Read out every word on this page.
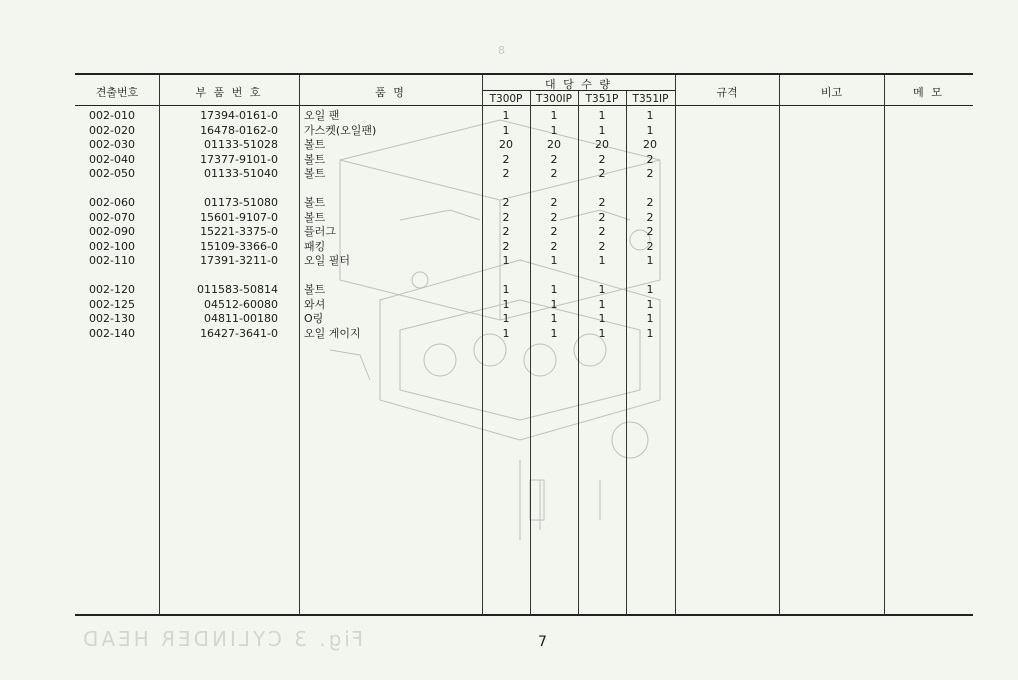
8
Fig. 3 CYLINDER HEAD
견출번호	부 품 번 호	품 명
대 당 수 량
T300P	T300IP	T351P	T351IP	규격	비고	메 모
002-010	17394-0161-0 오일 팬	1	1	1	1
002-020	16478-0162-0 가스켓(오일팬)	1	1	1	1
002-030	01133-51028 볼트	20	20	20	20
002-040	17377-9101-0 볼트	2	2	2	2
002-050	01133-51040 볼트	2	2	2	2
002-060	01173-51080 볼트	2	2	2	2
002-070	15601-9107-0 볼트	2	2	2	2
002-090	15221-3375-0 플러그	2	2	2	2
002-100	15109-3366-0 패킹	2	2	2	2
002-110	17391-3211-0 오일 필터	1	1	1	1
002-120	011583-50814 볼트	1	1	1	1
002-125	04512-60080 와셔	1	1	1	1
002-130	04811-00180 O링	1	1	1	1
002-140	16427-3641-0 오일 게이지	1	1	1	1
7
